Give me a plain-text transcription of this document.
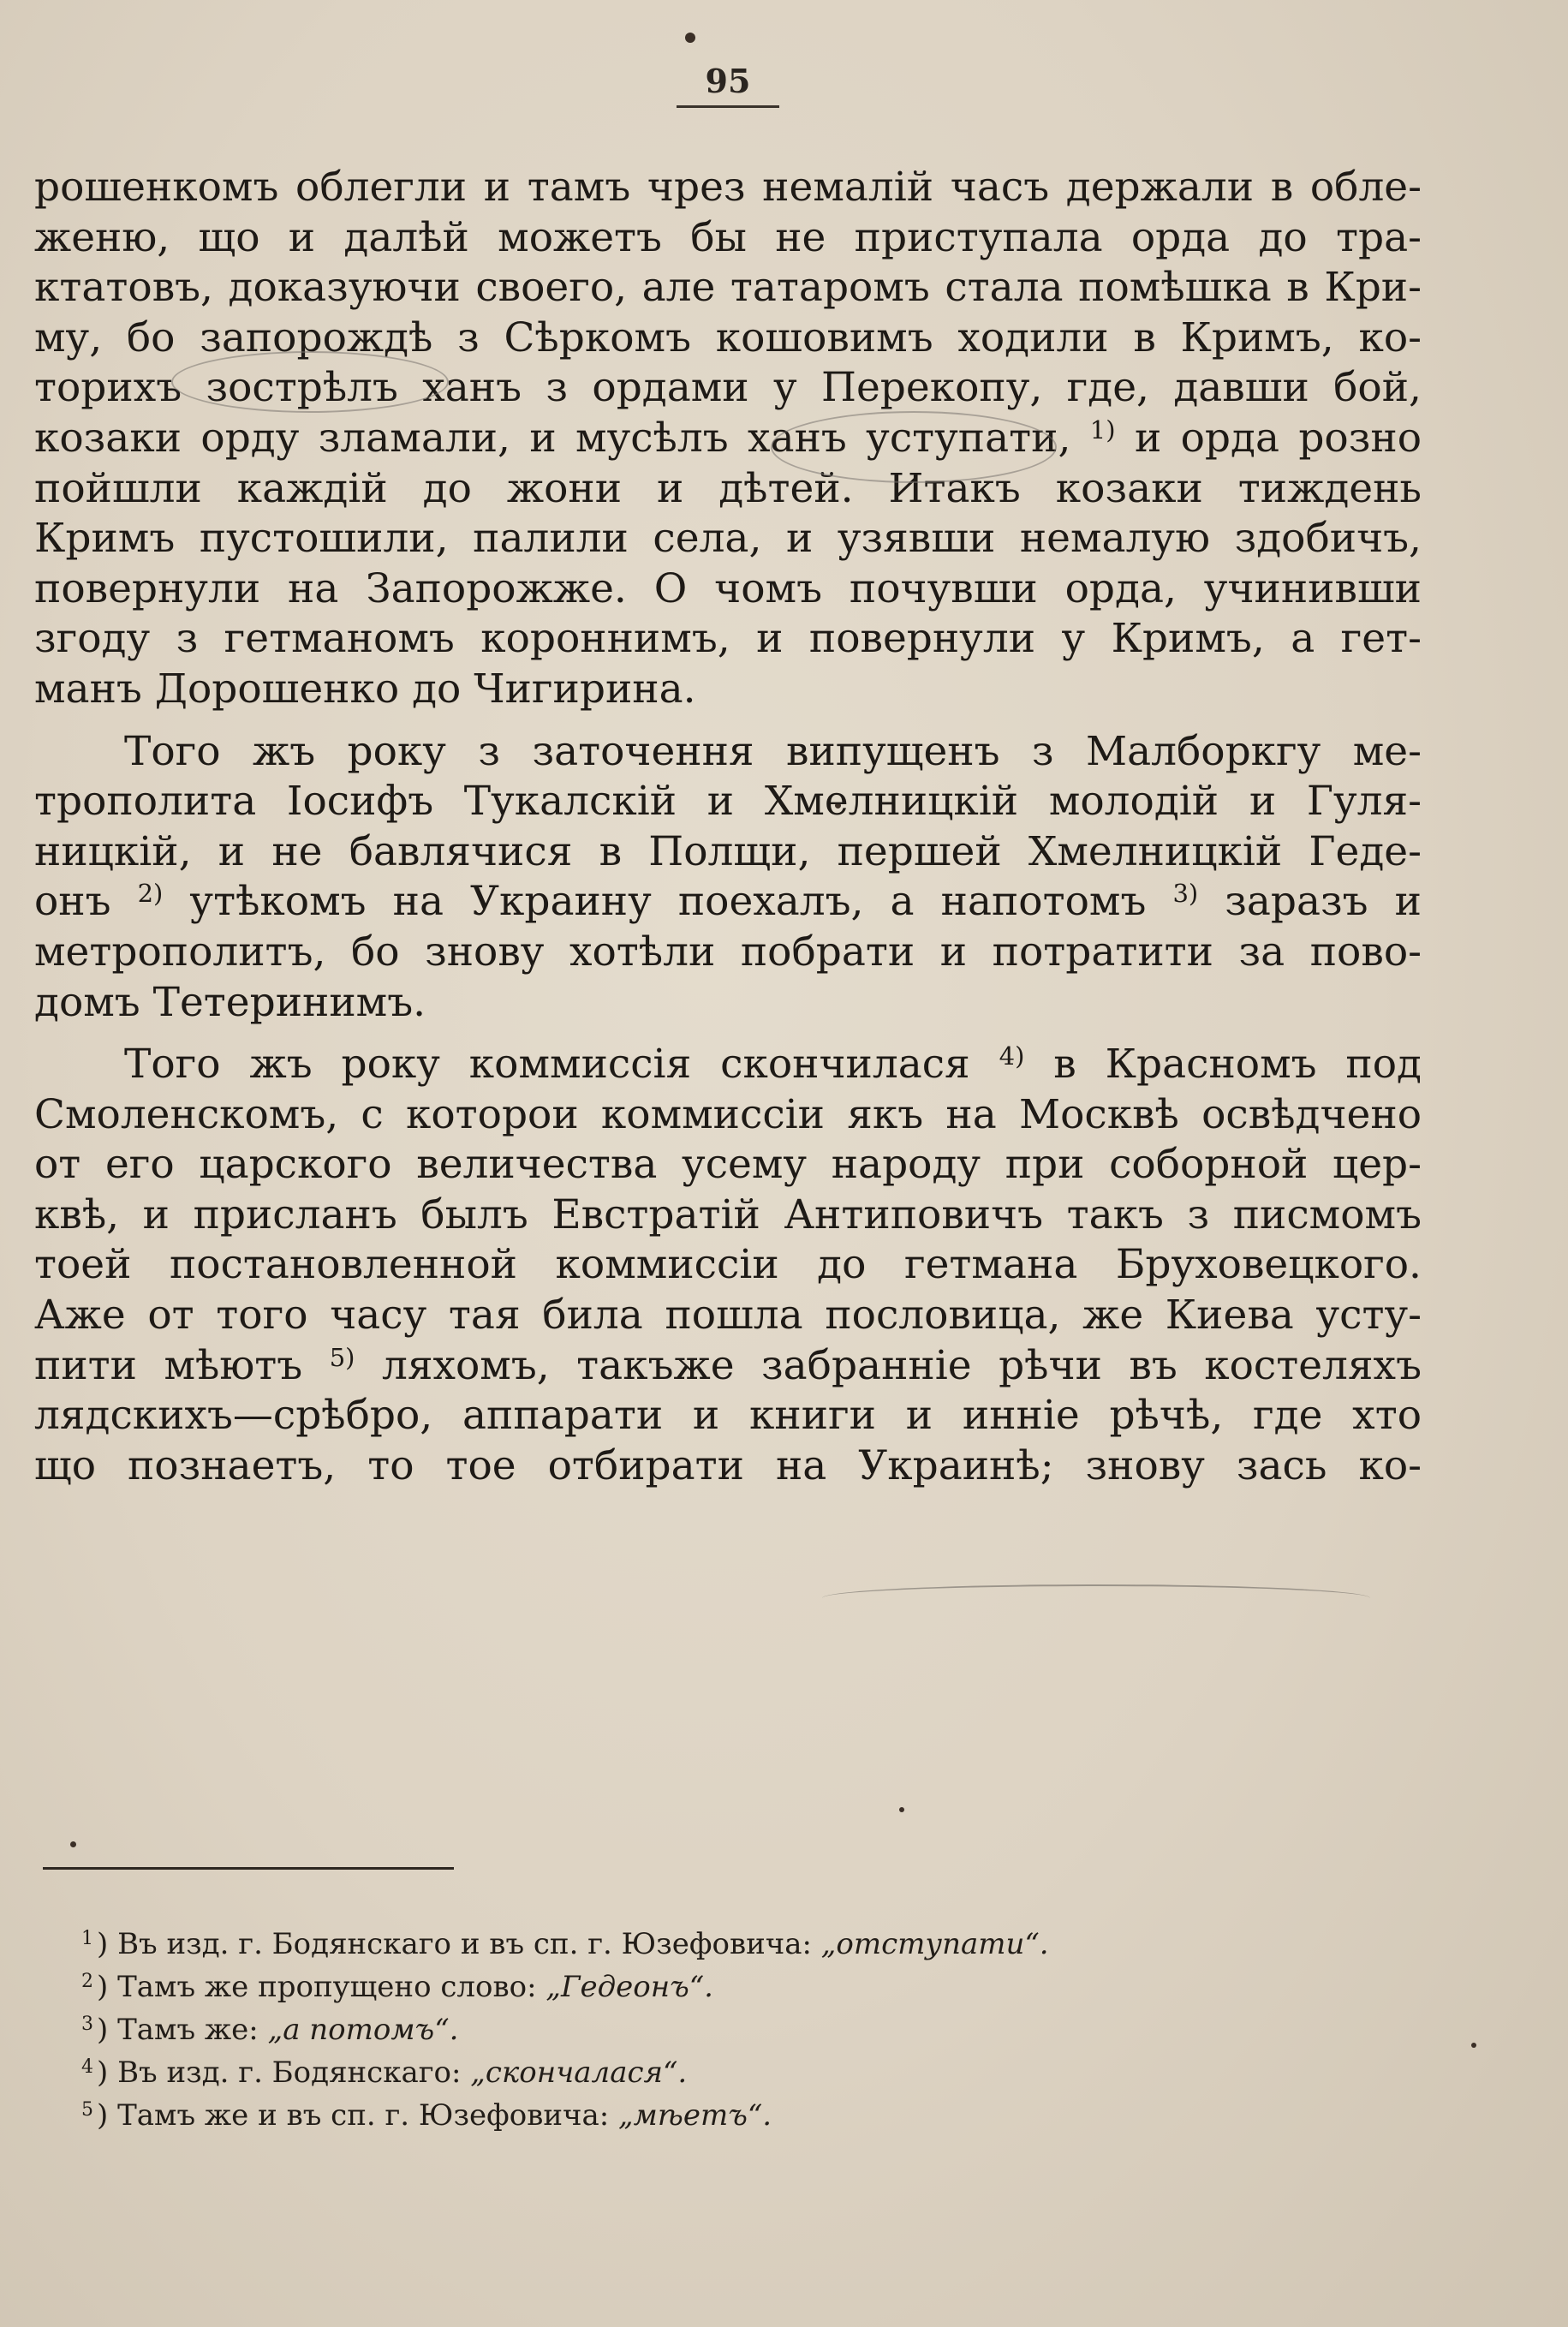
95
рошенкомъ облегли и тамъ чрез немалій часъ держали в обле-
женю, що и далѣй можетъ бы не приступала орда до тра-
ктатовъ, доказуючи своего, але татаромъ стала помѣшка в Кри-
му, бо запорождѣ з Сѣркомъ кошовимъ ходили в Кримъ, ко-
торихъ зострѣлъ ханъ з ордами у Перекопу, где, давши бой,
козаки орду зламали, и мусѣлъ ханъ уступати, $^{1)}$ и орда розно
пойшли каждій до жони и дѣтей. Итакъ козаки тиждень
Кримъ пустошили, палили села, и узявши немалую здобичъ,
повернули на Запорожже. О чомъ почувши орда, учинивши
згоду з гетманомъ короннимъ, и повернули у Кримъ, а гет-
манъ Дорошенко до Чигирина.
Того жъ року з заточення випущенъ з Малборкгу ме-
трополита Іосифъ Тукалскій и Хмелницкій молодій и Гуля-
ницкій, и не бавлячися в Полщи, першей Хмелницкій Геде-
онъ $^{2)}$ утѣкомъ на Украину поехалъ, а напотомъ $^{3)}$ заразъ и
метрополитъ, бо знову хотѣли побрати и потратити за пово-
домъ Тетеринимъ.
Того жъ року коммиссія скончилася $^{4)}$ в Красномъ под
Смоленскомъ, с которои коммиссіи якъ на Москвѣ освѣдчено
от его царского величества усему народу при соборной цер-
квѣ, и присланъ былъ Евстратій Антиповичъ такъ з писмомъ
тоей постановленной коммиссіи до гетмана Бруховецкого.
Аже от того часу тая била пошла пословица, же Киева усту-
пити мѣютъ $^{5)}$ ляхомъ, такъже забранніе рѣчи въ костеляхъ
лядскихъ—срѣбро, аппарати и книги и инніе рѣчѣ, где хто
що познаетъ, то тое отбирати на Украинѣ; знову зась ко-
$^1$ ) Въ изд. г. Бодянскаго и въ сп. г. Юзефовича: „отступати“.
$^2$ ) Тамъ же пропущено слово: „Гедеонъ“.
$^3$ ) Тамъ же: „а потомъ“.
$^4$ ) Въ изд. г. Бодянскаго: „скончалася“.
$^5$ ) Тамъ же и въ сп. г. Юзефовича: „мѣетъ“.
